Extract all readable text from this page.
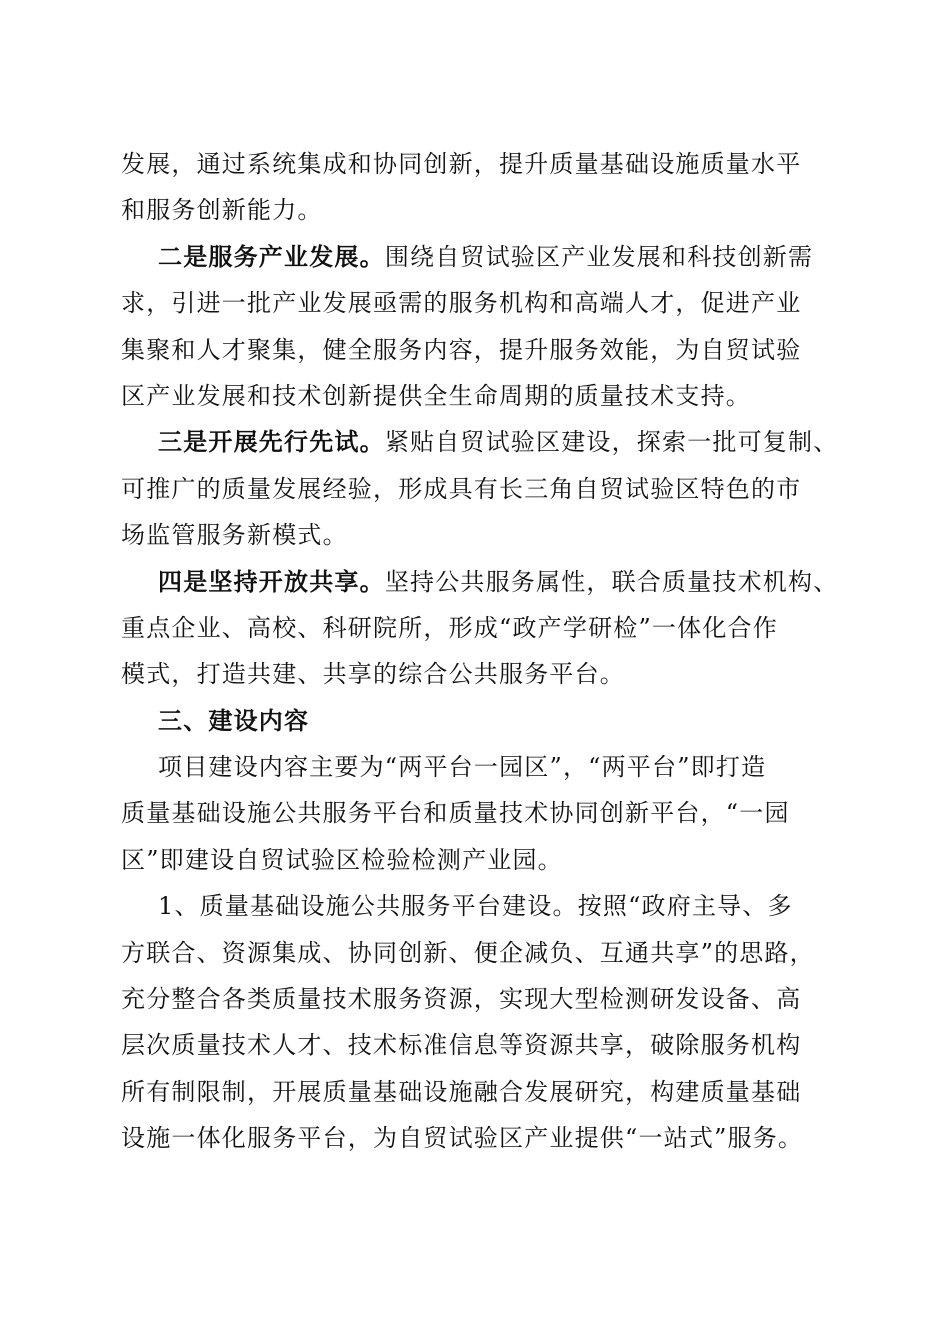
发展，通过系统集成和协同创新，提升质量基础设施质量水平
和服务创新能力。
二是服务产业发展。围绕自贸试验区产业发展和科技创新需
求，引进一批产业发展亟需的服务机构和高端人才，促进产业
集聚和人才聚集，健全服务内容，提升服务效能，为自贸试验
区产业发展和技术创新提供全生命周期的质量技术支持。
三是开展先行先试。紧贴自贸试验区建设，探索一批可复制、
可推广的质量发展经验，形成具有长三角自贸试验区特色的市
场监管服务新模式。
四是坚持开放共享。坚持公共服务属性，联合质量技术机构、
重点企业、高校、科研院所，形成“政产学研检”一体化合作
模式，打造共建、共享的综合公共服务平台。
三、建设内容
项目建设内容主要为“两平台一园区”，“两平台”即打造
质量基础设施公共服务平台和质量技术协同创新平台，“一园
区”即建设自贸试验区检验检测产业园。
1、质量基础设施公共服务平台建设。按照“政府主导、多
方联合、资源集成、协同创新、便企减负、互通共享”的思路，
充分整合各类质量技术服务资源，实现大型检测研发设备、高
层次质量技术人才、技术标准信息等资源共享，破除服务机构
所有制限制，开展质量基础设施融合发展研究，构建质量基础
设施一体化服务平台，为自贸试验区产业提供“一站式”服务。
